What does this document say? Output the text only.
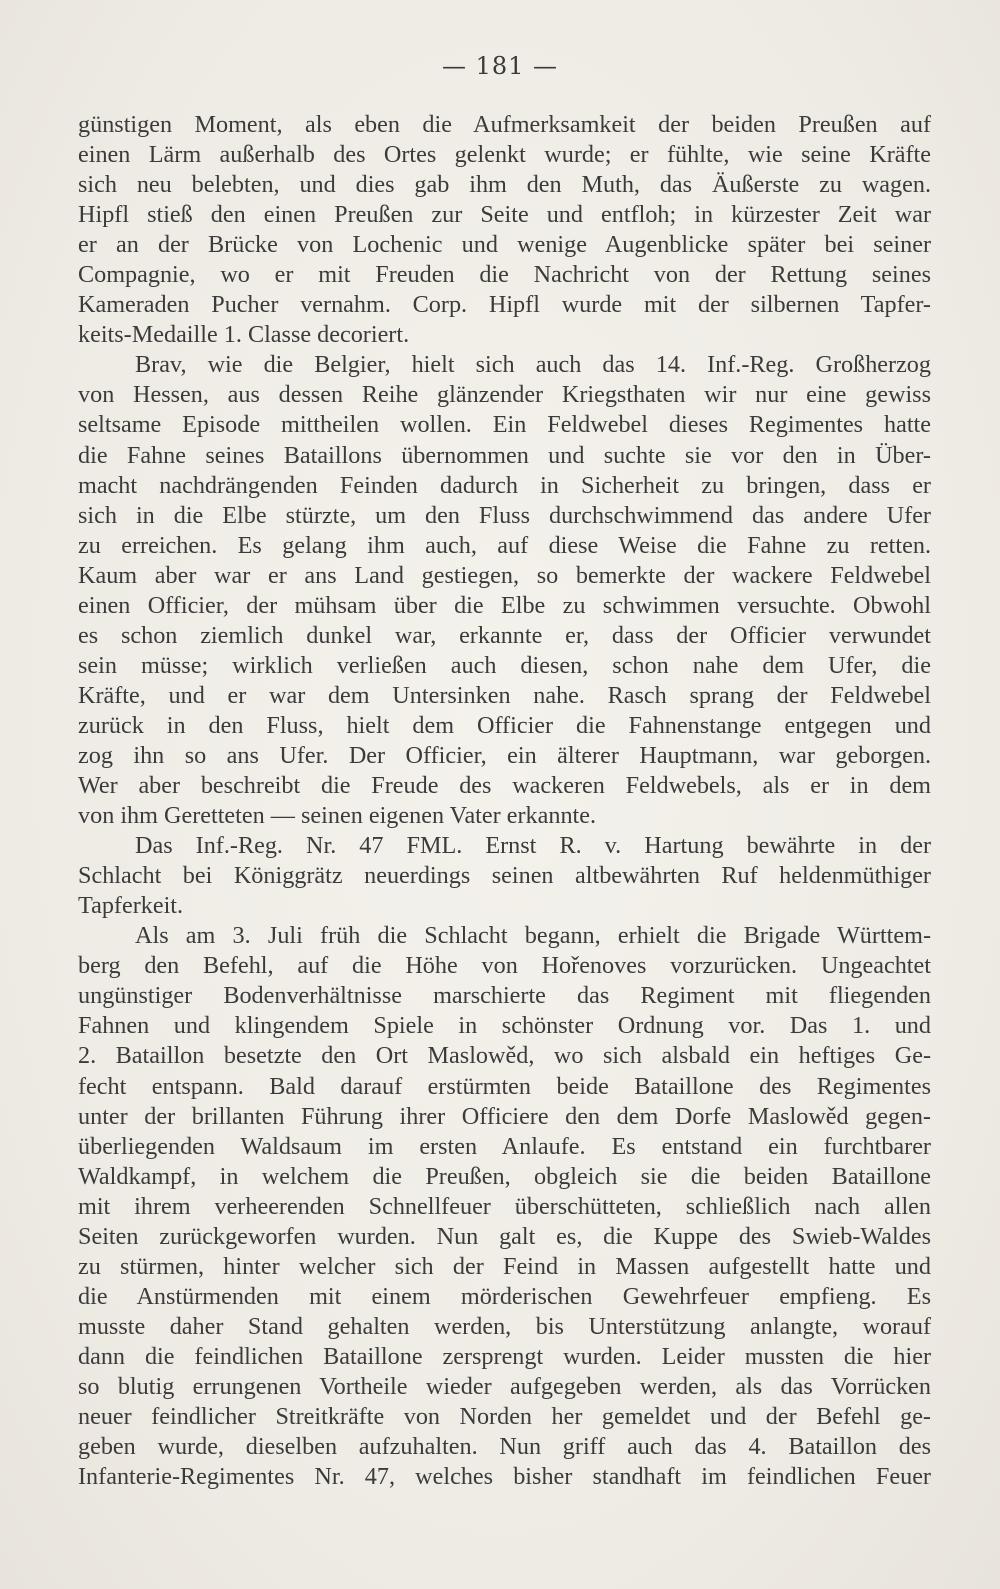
— 181 —
günstigen Moment, als eben die Aufmerksamkeit der beiden Preußen auf
einen Lärm außerhalb des Ortes gelenkt wurde; er fühlte, wie seine Kräfte
sich neu belebten, und dies gab ihm den Muth, das Äußerste zu wagen.
Hipfl stieß den einen Preußen zur Seite und entfloh; in kürzester Zeit war
er an der Brücke von Lochenic und wenige Augenblicke später bei seiner
Compagnie, wo er mit Freuden die Nachricht von der Rettung seines
Kameraden Pucher vernahm. Corp. Hipfl wurde mit der silbernen Tapfer-
keits-Medaille 1. Classe decoriert.
Brav, wie die Belgier, hielt sich auch das 14. Inf.-Reg. Großherzog
von Hessen, aus dessen Reihe glänzender Kriegsthaten wir nur eine gewiss
seltsame Episode mittheilen wollen. Ein Feldwebel dieses Regimentes hatte
die Fahne seines Bataillons übernommen und suchte sie vor den in Über-
macht nachdrängenden Feinden dadurch in Sicherheit zu bringen, dass er
sich in die Elbe stürzte, um den Fluss durchschwimmend das andere Ufer
zu erreichen. Es gelang ihm auch, auf diese Weise die Fahne zu retten.
Kaum aber war er ans Land gestiegen, so bemerkte der wackere Feldwebel
einen Officier, der mühsam über die Elbe zu schwimmen versuchte. Obwohl
es schon ziemlich dunkel war, erkannte er, dass der Officier verwundet
sein müsse; wirklich verließen auch diesen, schon nahe dem Ufer, die
Kräfte, und er war dem Untersinken nahe. Rasch sprang der Feldwebel
zurück in den Fluss, hielt dem Officier die Fahnenstange entgegen und
zog ihn so ans Ufer. Der Officier, ein älterer Hauptmann, war geborgen.
Wer aber beschreibt die Freude des wackeren Feldwebels, als er in dem
von ihm Geretteten — seinen eigenen Vater erkannte.
Das Inf.-Reg. Nr. 47 FML. Ernst R. v. Hartung bewährte in der
Schlacht bei Königgrätz neuerdings seinen altbewährten Ruf heldenmüthiger
Tapferkeit.
Als am 3. Juli früh die Schlacht begann, erhielt die Brigade Württem-
berg den Befehl, auf die Höhe von Hořenoves vorzurücken. Ungeachtet
ungünstiger Bodenverhältnisse marschierte das Regiment mit fliegenden
Fahnen und klingendem Spiele in schönster Ordnung vor. Das 1. und
2. Bataillon besetzte den Ort Maslowěd, wo sich alsbald ein heftiges Ge-
fecht entspann. Bald darauf erstürmten beide Bataillone des Regimentes
unter der brillanten Führung ihrer Officiere den dem Dorfe Maslowěd gegen-
überliegenden Waldsaum im ersten Anlaufe. Es entstand ein furchtbarer
Waldkampf, in welchem die Preußen, obgleich sie die beiden Bataillone
mit ihrem verheerenden Schnellfeuer überschütteten, schließlich nach allen
Seiten zurückgeworfen wurden. Nun galt es, die Kuppe des Swieb-Waldes
zu stürmen, hinter welcher sich der Feind in Massen aufgestellt hatte und
die Anstürmenden mit einem mörderischen Gewehrfeuer empfieng. Es
musste daher Stand gehalten werden, bis Unterstützung anlangte, worauf
dann die feindlichen Bataillone zersprengt wurden. Leider mussten die hier
so blutig errungenen Vortheile wieder aufgegeben werden, als das Vorrücken
neuer feindlicher Streitkräfte von Norden her gemeldet und der Befehl ge-
geben wurde, dieselben aufzuhalten. Nun griff auch das 4. Bataillon des
Infanterie-Regimentes Nr. 47, welches bisher standhaft im feindlichen Feuer
